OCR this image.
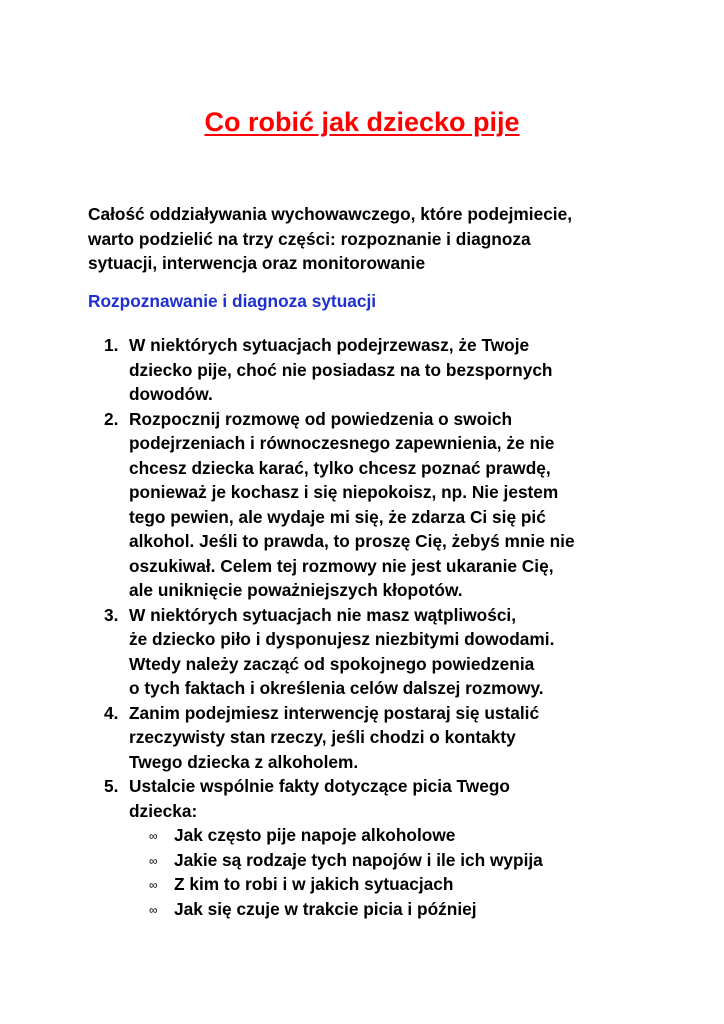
Co robić jak dziecko pije

Całość oddziaływania wychowawczego, które podejmiecie,
warto podzielić na trzy części: rozpoznanie i diagnoza
sytuacji, interwencja oraz monitorowanie

Rozpoznawanie i diagnoza sytuacji
1. W niektórych sytuacjach podejrzewasz, że Twoje
dziecko pije, choć nie posiadasz na to bezspornych
dowodów.
2. Rozpocznij rozmowę od powiedzenia o swoich
podejrzeniach i równoczesnego zapewnienia, że nie
chcesz dziecka karać, tylko chcesz poznać prawdę,
ponieważ je kochasz i się niepokoisz, np. Nie jestem
tego pewien, ale wydaje mi się, że zdarza Ci się pić
alkohol. Jeśli to prawda, to proszę Cię, żebyś mnie nie
oszukiwał. Celem tej rozmowy nie jest ukaranie Cię,
ale uniknięcie poważniejszych kłopotów.
3. W niektórych sytuacjach nie masz wątpliwości,
że dziecko piło i dysponujesz niezbitymi dowodami.
Wtedy należy zacząć od spokojnego powiedzenia
o tych faktach i określenia celów dalszej rozmowy.
4. Zanim podejmiesz interwencję postaraj się ustalić
rzeczywisty stan rzeczy, jeśli chodzi o kontakty
Twego dziecka z alkoholem.
5. Ustalcie wspólnie fakty dotyczące picia Twego
dziecka:
∞ Jak często pije napoje alkoholowe
∞ Jakie są rodzaje tych napojów i ile ich wypija
∞ Z kim to robi i w jakich sytuacjach
∞ Jak się czuje w trakcie picia i później
